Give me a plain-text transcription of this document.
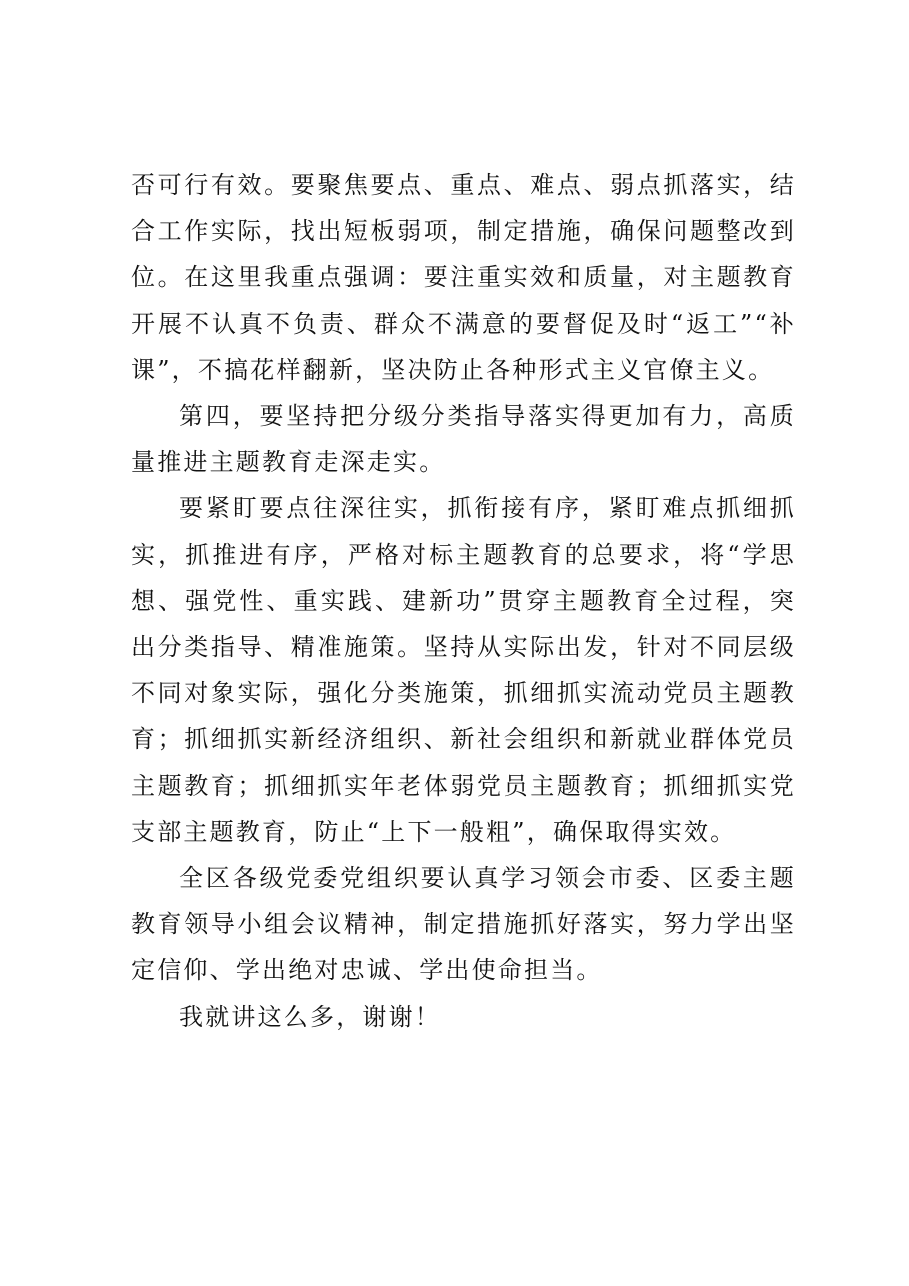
否可行有效。要聚焦要点、重点、难点、弱点抓落实，结合工作实际，找出短板弱项，制定措施，确保问题整改到位。在这里我重点强调：要注重实效和质量，对主题教育开展不认真不负责、群众不满意的要督促及时“返工”“补课”，不搞花样翻新，坚决防止各种形式主义官僚主义。

第四，要坚持把分级分类指导落实得更加有力，高质量推进主题教育走深走实。

要紧盯要点往深往实，抓衔接有序，紧盯难点抓细抓实，抓推进有序，严格对标主题教育的总要求，将“学思想、强党性、重实践、建新功”贯穿主题教育全过程，突出分类指导、精准施策。坚持从实际出发，针对不同层级不同对象实际，强化分类施策，抓细抓实流动党员主题教育；抓细抓实新经济组织、新社会组织和新就业群体党员主题教育；抓细抓实年老体弱党员主题教育；抓细抓实党支部主题教育，防止“上下一般粗”，确保取得实效。

全区各级党委党组织要认真学习领会市委、区委主题教育领导小组会议精神，制定措施抓好落实，努力学出坚定信仰、学出绝对忠诚、学出使命担当。

我就讲这么多，谢谢！
